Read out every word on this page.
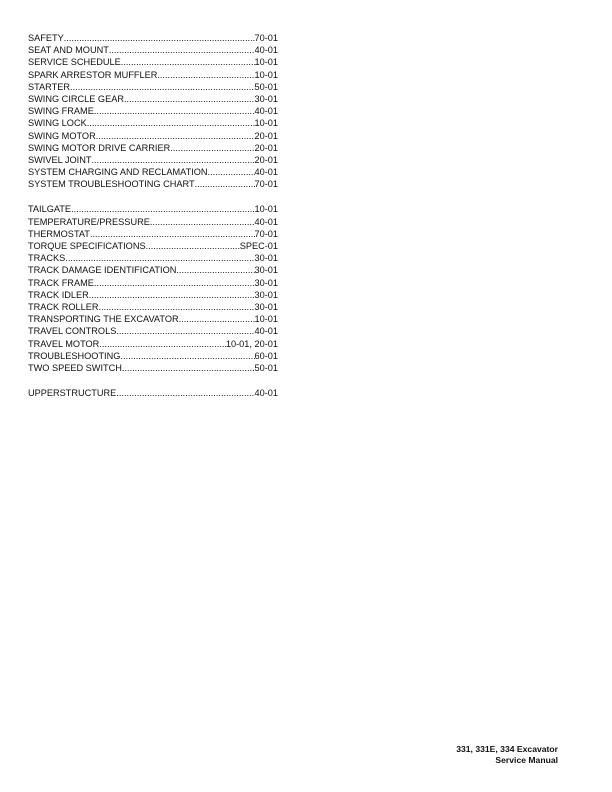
SAFETY .....	70-01
SEAT AND MOUNT .....	40-01
SERVICE SCHEDULE .....	10-01
SPARK ARRESTOR MUFFLER .....	10-01
STARTER .....	50-01
SWING CIRCLE GEAR .....	30-01
SWING FRAME .....	40-01
SWING LOCK .....	10-01
SWING MOTOR .....	20-01
SWING MOTOR DRIVE CARRIER .....	20-01
SWIVEL JOINT .....	20-01
SYSTEM CHARGING AND RECLAMATION .....	40-01
SYSTEM TROUBLESHOOTING CHART .....	70-01
TAILGATE .....	10-01
TEMPERATURE/PRESSURE .....	40-01
THERMOSTAT .....	70-01
TORQUE SPECIFICATIONS .....	SPEC-01
TRACKS .....	30-01
TRACK DAMAGE IDENTIFICATION .....	30-01
TRACK FRAME .....	30-01
TRACK IDLER .....	30-01
TRACK ROLLER .....	30-01
TRANSPORTING THE EXCAVATOR .....	10-01
TRAVEL CONTROLS .....	40-01
TRAVEL MOTOR .....	10-01, 20-01
TROUBLESHOOTING .....	60-01
TWO SPEED SWITCH .....	50-01
UPPERSTRUCTURE .....	40-01
331, 331E, 334 Excavator
Service Manual
